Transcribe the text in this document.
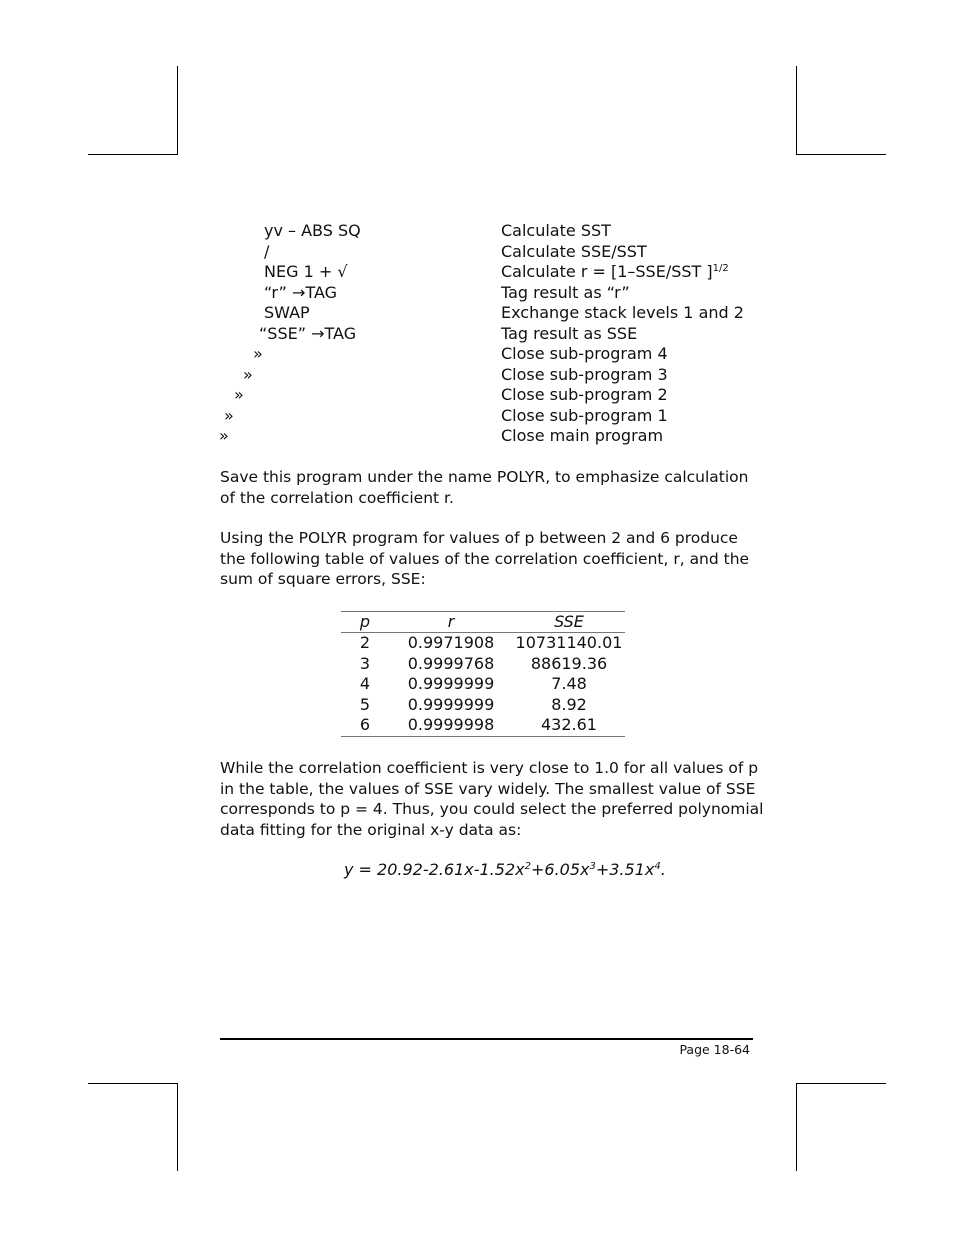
yv – ABS SQ	Calculate SST
/	Calculate SSE/SST
NEG 1 + √	Calculate r = [1–SSE/SST ]$^{1/2}$
“r” →TAG	Tag result as “r”
SWAP	Exchange stack levels 1 and 2
“SSE” →TAG	Tag result as SSE
»	Close sub-program 4
»	Close sub-program 3
»	Close sub-program 2
»	Close sub-program 1
»	Close main program

Save this program under the name POLYR, to emphasize calculation of the correlation coefficient r.

Using the POLYR program for values of p between 2 and 6 produce the following table of values of the correlation coefficient, r, and the sum of square errors, SSE:

p	r	SSE
2	0.9971908	10731140.01
3	0.9999768	88619.36
4	0.9999999	7.48
5	0.9999999	8.92
6	0.9999998	432.61

While the correlation coefficient is very close to 1.0 for all values of p in the table, the values of SSE vary widely. The smallest value of SSE corresponds to p = 4. Thus, you could select the preferred polynomial data fitting for the original x-y data as:

$y = 20.92-2.61x-1.52x^2+6.05x^3+3.51x^4$.
Page 18-64
